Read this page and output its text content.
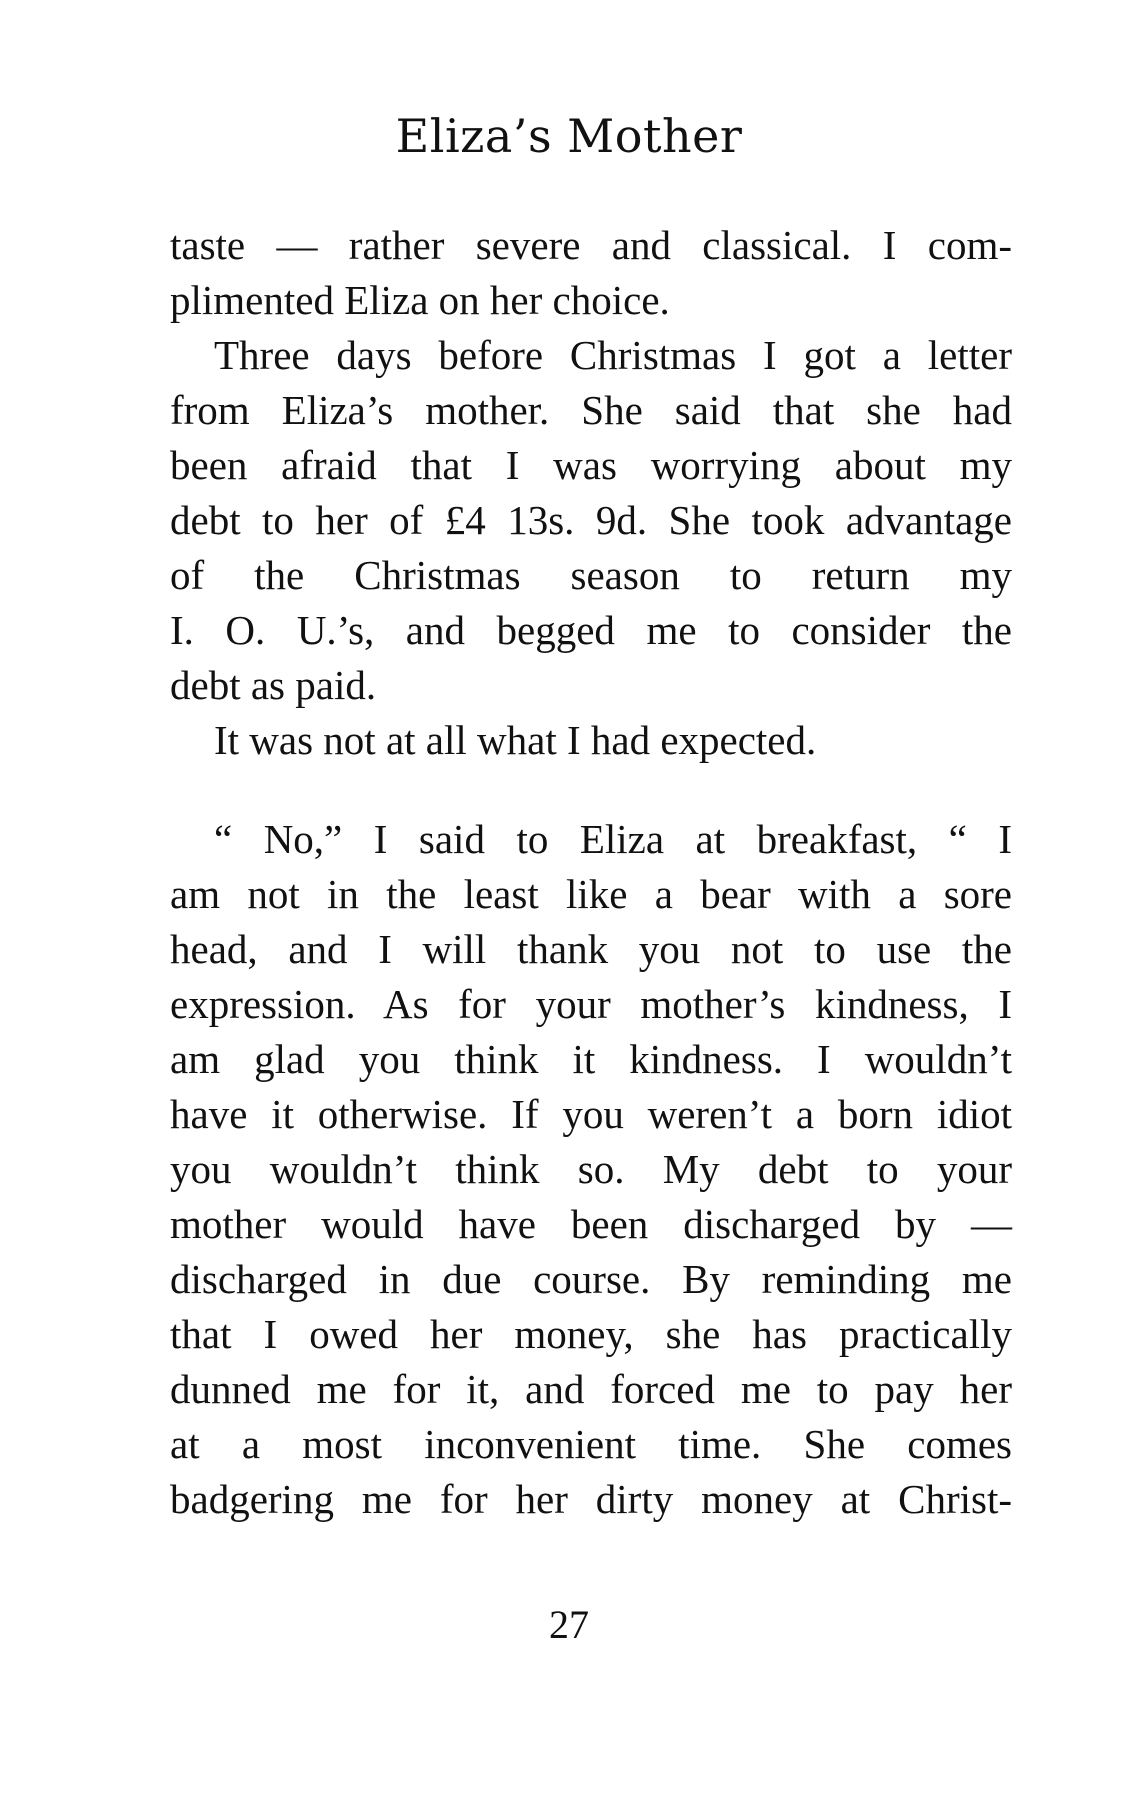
Eliza’s Mother
taste — rather severe and classical. I com-
plimented Eliza on her choice.
Three days before Christmas I got a letter
from Eliza’s mother. She said that she had
been afraid that I was worrying about my
debt to her of £4 13s. 9d. She took advantage
of the Christmas season to return my
I. O. U.’s, and begged me to consider the
debt as paid.
It was not at all what I had expected.
“ No,” I said to Eliza at breakfast, “ I
am not in the least like a bear with a sore
head, and I will thank you not to use the
expression. As for your mother’s kindness, I
am glad you think it kindness. I wouldn’t
have it otherwise. If you weren’t a born idiot
you wouldn’t think so. My debt to your
mother would have been discharged by —
discharged in due course. By reminding me
that I owed her money, she has practically
dunned me for it, and forced me to pay her
at a most inconvenient time. She comes
badgering me for her dirty money at Christ-
27
